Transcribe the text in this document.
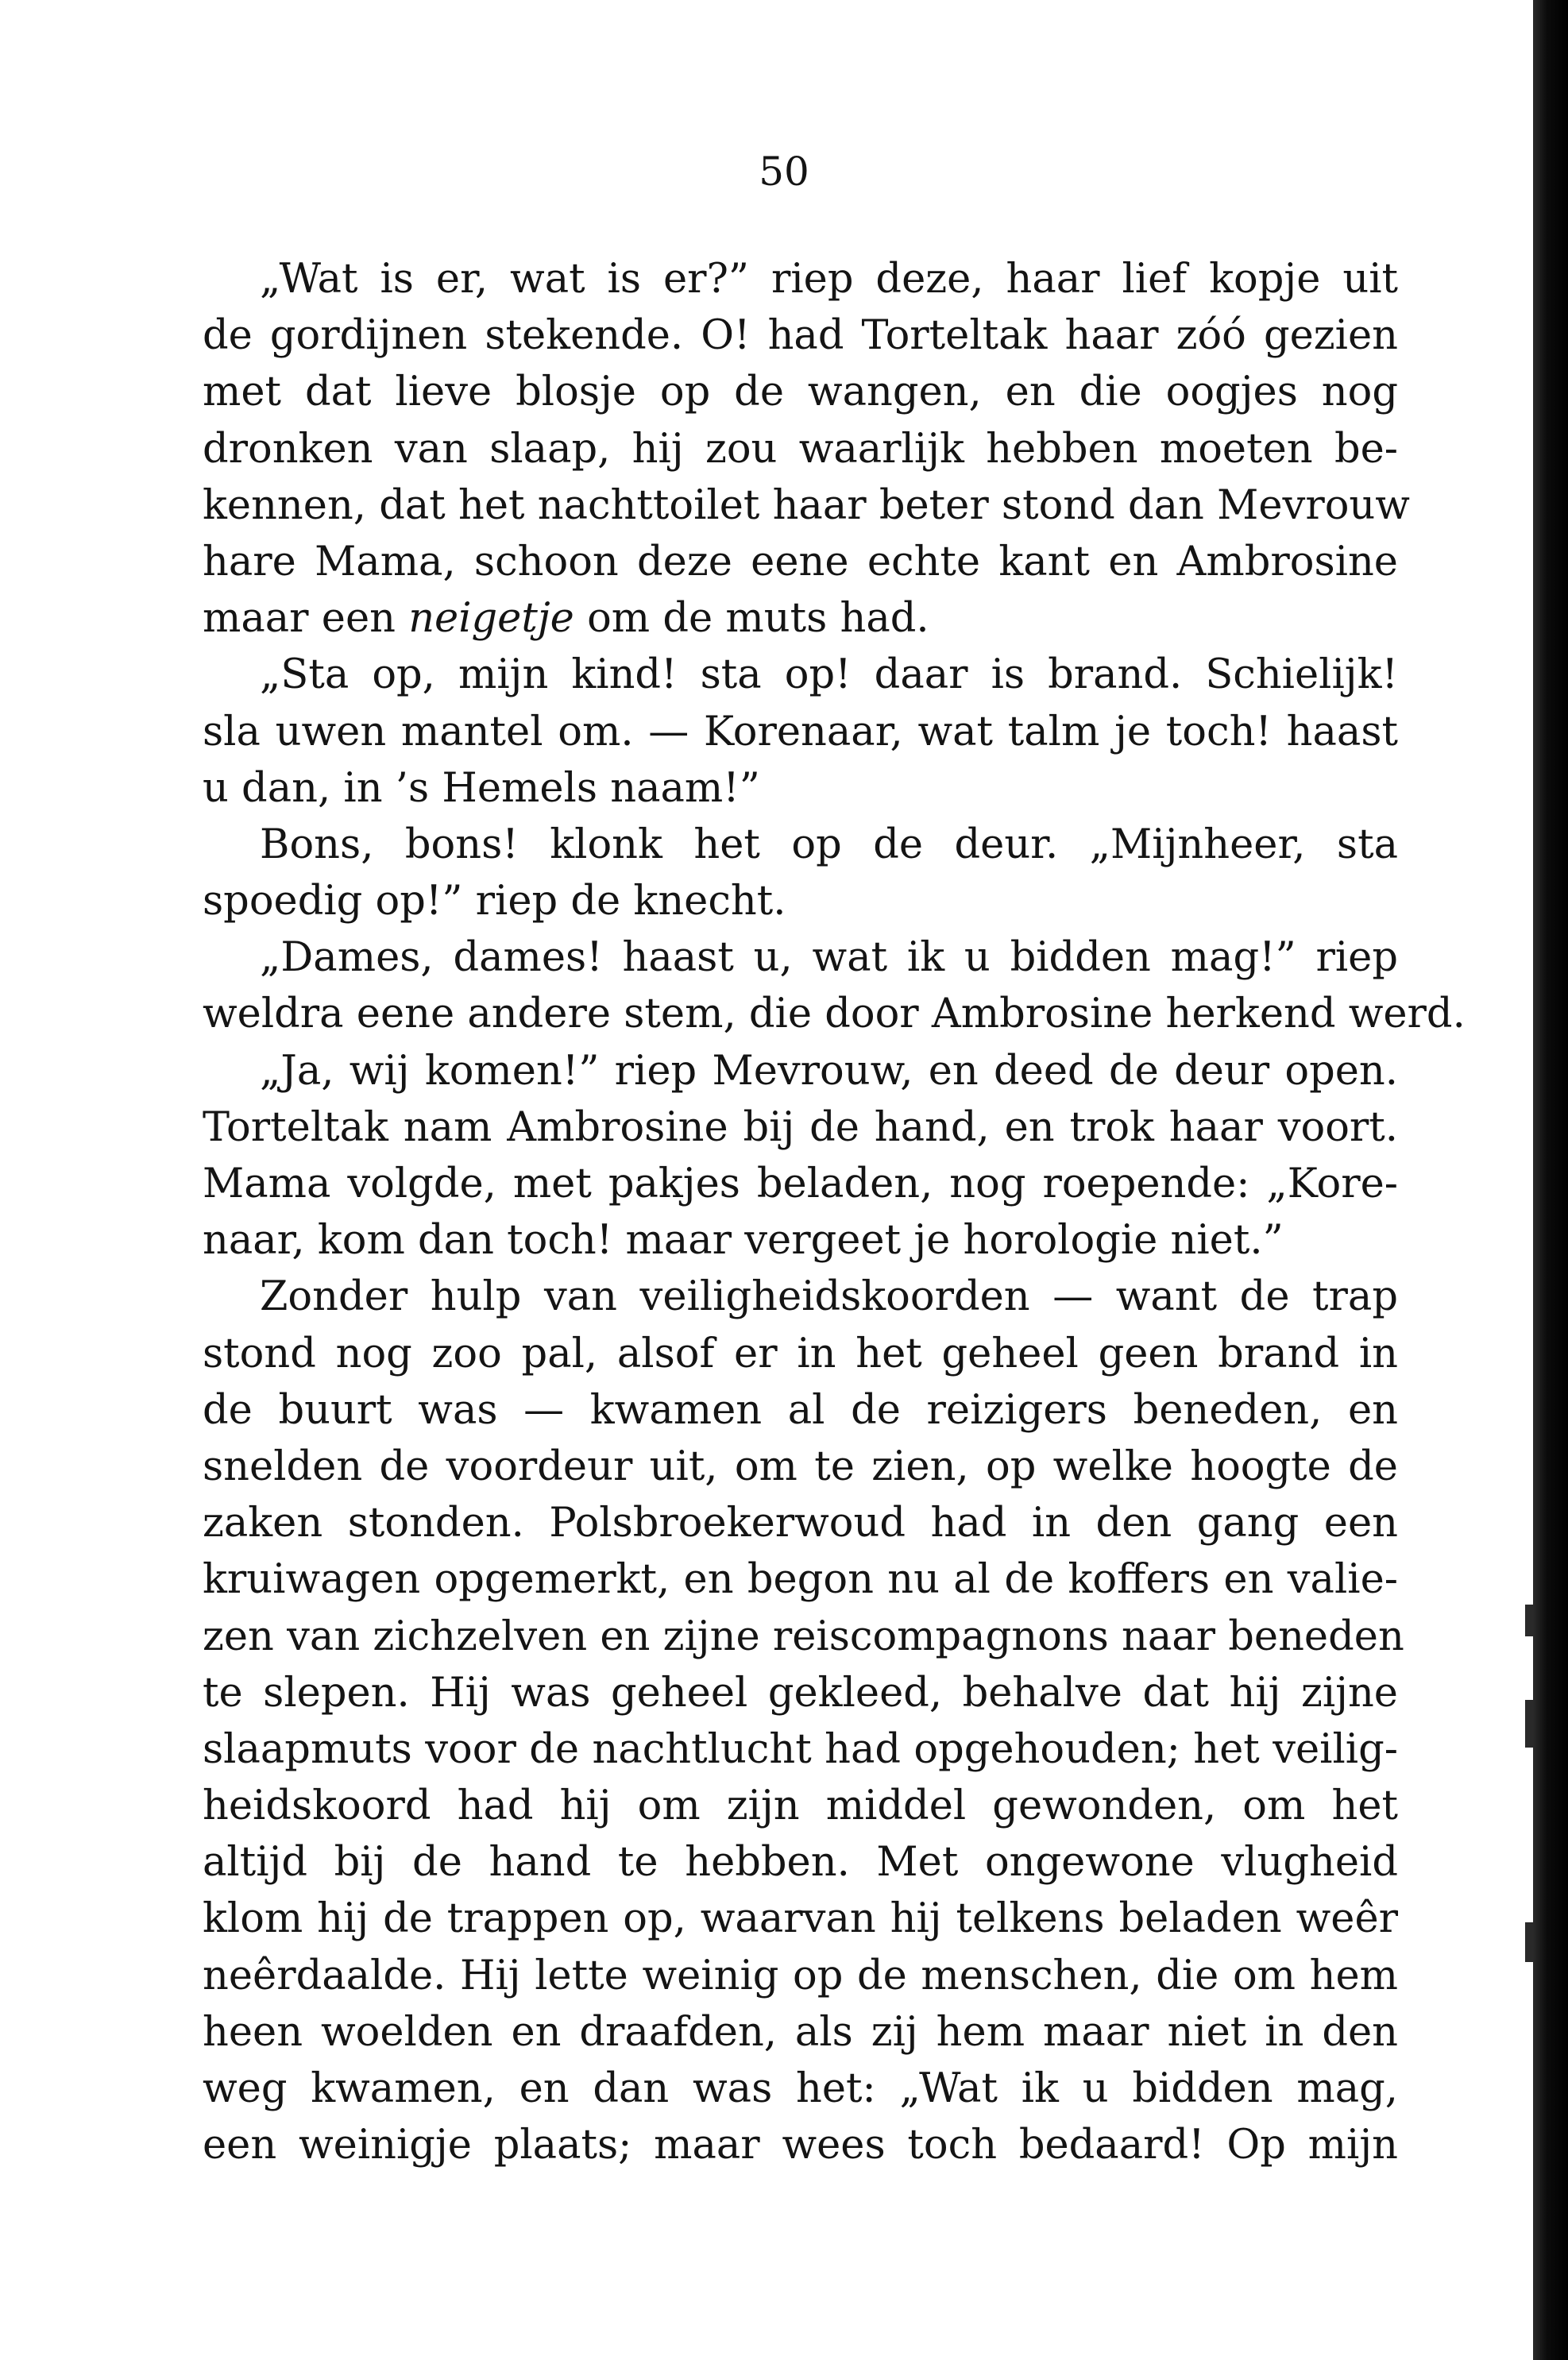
50
„Wat is er, wat is er?” riep deze, haar lief kopje uit
de gordijnen stekende. O! had Torteltak haar zóó gezien
met dat lieve blosje op de wangen, en die oogjes nog
dronken van slaap, hij zou waarlijk hebben moeten be-
kennen, dat het nachttoilet haar beter stond dan Mevrouw
hare Mama, schoon deze eene echte kant en Ambrosine
maar een neigetje om de muts had.
„Sta op, mijn kind! sta op! daar is brand. Schielijk!
sla uwen mantel om. — Korenaar, wat talm je toch! haast
u dan, in ’s Hemels naam!”
Bons, bons! klonk het op de deur. „Mijnheer, sta
spoedig op!” riep de knecht.
„Dames, dames! haast u, wat ik u bidden mag!” riep
weldra eene andere stem, die door Ambrosine herkend werd.
„Ja, wij komen!” riep Mevrouw, en deed de deur open.
Torteltak nam Ambrosine bij de hand, en trok haar voort.
Mama volgde, met pakjes beladen, nog roepende: „Kore-
naar, kom dan toch! maar vergeet je horologie niet.”
Zonder hulp van veiligheidskoorden — want de trap
stond nog zoo pal, alsof er in het geheel geen brand in
de buurt was — kwamen al de reizigers beneden, en
snelden de voordeur uit, om te zien, op welke hoogte de
zaken stonden. Polsbroekerwoud had in den gang een
kruiwagen opgemerkt, en begon nu al de koffers en valie-
zen van zichzelven en zijne reiscompagnons naar beneden
te slepen. Hij was geheel gekleed, behalve dat hij zijne
slaapmuts voor de nachtlucht had opgehouden; het veilig-
heidskoord had hij om zijn middel gewonden, om het
altijd bij de hand te hebben. Met ongewone vlugheid
klom hij de trappen op, waarvan hij telkens beladen weêr
neêrdaalde. Hij lette weinig op de menschen, die om hem
heen woelden en draafden, als zij hem maar niet in den
weg kwamen, en dan was het: „Wat ik u bidden mag,
een weinigje plaats; maar wees toch bedaard! Op mijn
